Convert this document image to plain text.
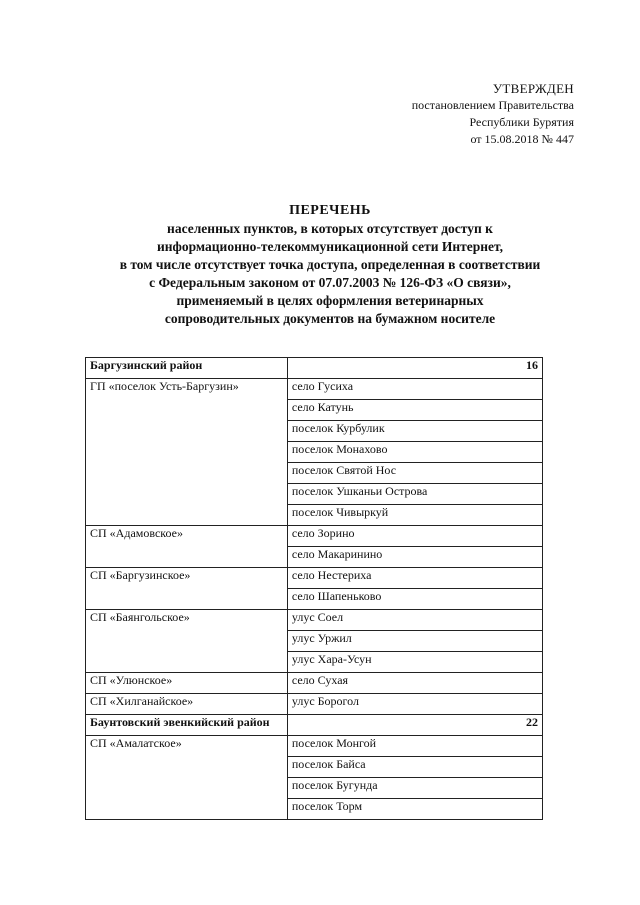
УТВЕРЖДЕН
постановлением Правительства
Республики Бурятия
от 15.08.2018 № 447
ПЕРЕЧЕНЬ
населенных пунктов, в которых отсутствует доступ к
информационно-телекоммуникационной сети Интернет,
в том числе отсутствует точка доступа, определенная в соответствии
с Федеральным законом от 07.07.2003 № 126-ФЗ «О связи»,
применяемый в целях оформления ветеринарных
сопроводительных документов на бумажном носителе
Баргузинский район	16
ГП «поселок Усть-Баргузин»	село Гусиха
	село Катунь
	поселок Курбулик
	поселок Монахово
	поселок Святой Нос
	поселок Ушканьи Острова
	поселок Чивыркуй
СП «Адамовское»	село Зорино
	село Макаринино
СП «Баргузинское»	село Нестериха
	село Шапеньково
СП «Баянгольское»	улус Соел
	улус Уржил
	улус Хара-Усун
СП «Улюнское»	село Сухая
СП «Хилганайское»	улус Борогол
Баунтовский эвенкийский район	22
СП «Амалатское»	поселок Монгой
	поселок Байса
	поселок Бугунда
	поселок Торм
